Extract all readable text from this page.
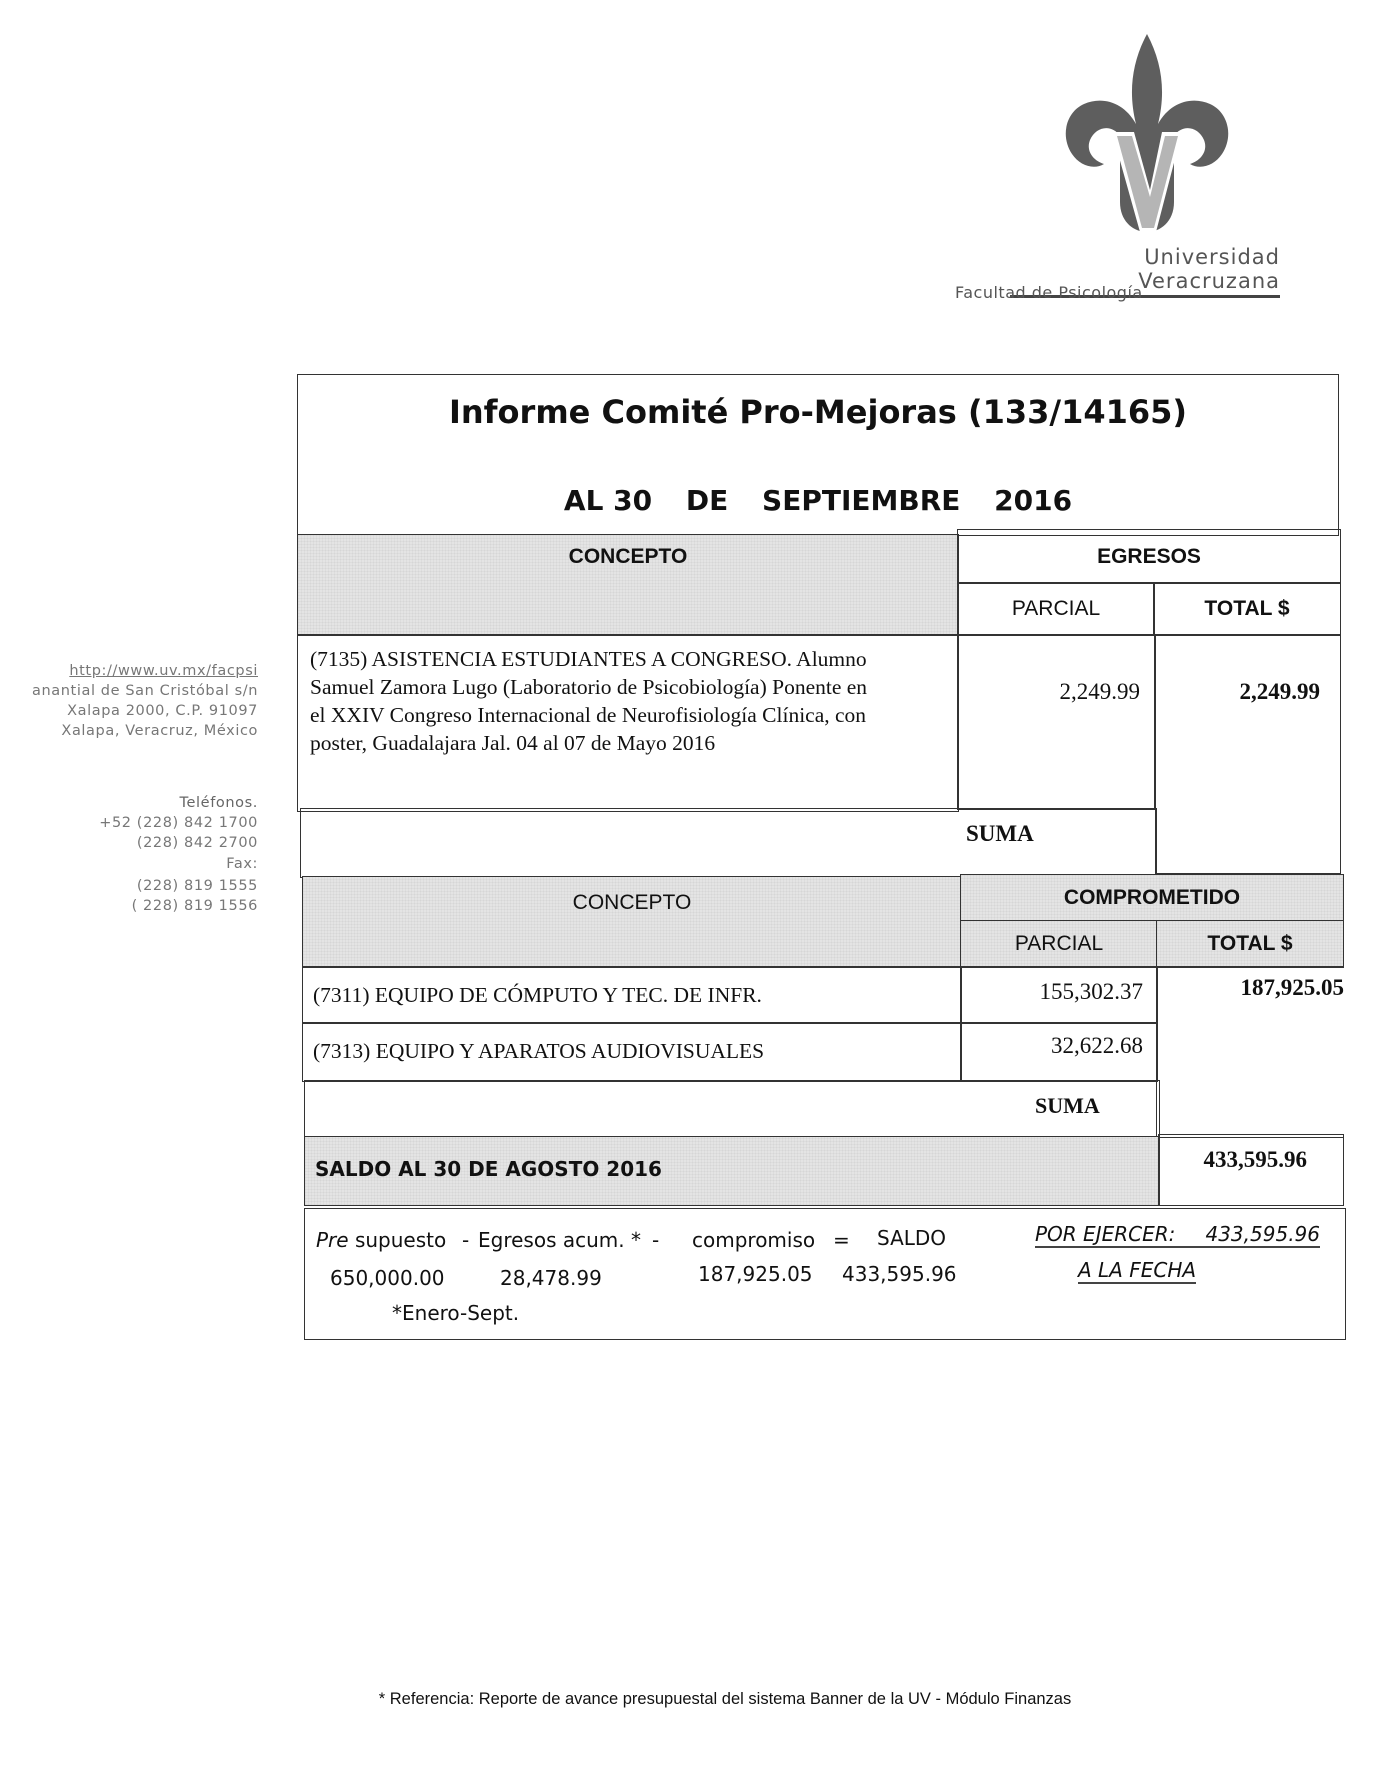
Universidad Veracruzana
Facultad de Psicología
http://www.uv.mx/facpsi
anantial de San Cristóbal s/n
Xalapa 2000, C.P. 91097
Xalapa, Veracruz, México
Teléfonos.
+52 (228) 842 1700
(228) 842 2700
Fax:
(228) 819 1555
( 228) 819 1556
Informe Comité Pro-Mejoras (133/14165)
AL 30 DE SEPTIEMBRE 2016
CONCEPTO	EGRESOS
PARCIAL	TOTAL $
(7135) ASISTENCIA ESTUDIANTES A CONGRESO. Alumno
Samuel Zamora Lugo (Laboratorio de Psicobiología) Ponente en
el XXIV Congreso Internacional de Neurofisiología Clínica, con
poster, Guadalajara Jal. 04 al 07 de Mayo 2016
2,249.99	2,249.99
SUMA
CONCEPTO	COMPROMETIDO
PARCIAL	TOTAL $
(7311) EQUIPO DE CÓMPUTO Y TEC. DE INFR.	155,302.37
(7313) EQUIPO Y APARATOS AUDIOVISUALES	32,622.68
187,925.05
SUMA
SALDO AL 30 DE AGOSTO 2016	433,595.96
Pre supuesto - Egresos acum. * - compromiso = SALDO
650,000.00	28,478.99	187,925.05 433,595.96
*Enero-Sept.
POR EJERCER: 433,595.96
A LA FECHA
* Referencia: Reporte de avance presupuestal del sistema Banner de la UV - Módulo Finanzas
